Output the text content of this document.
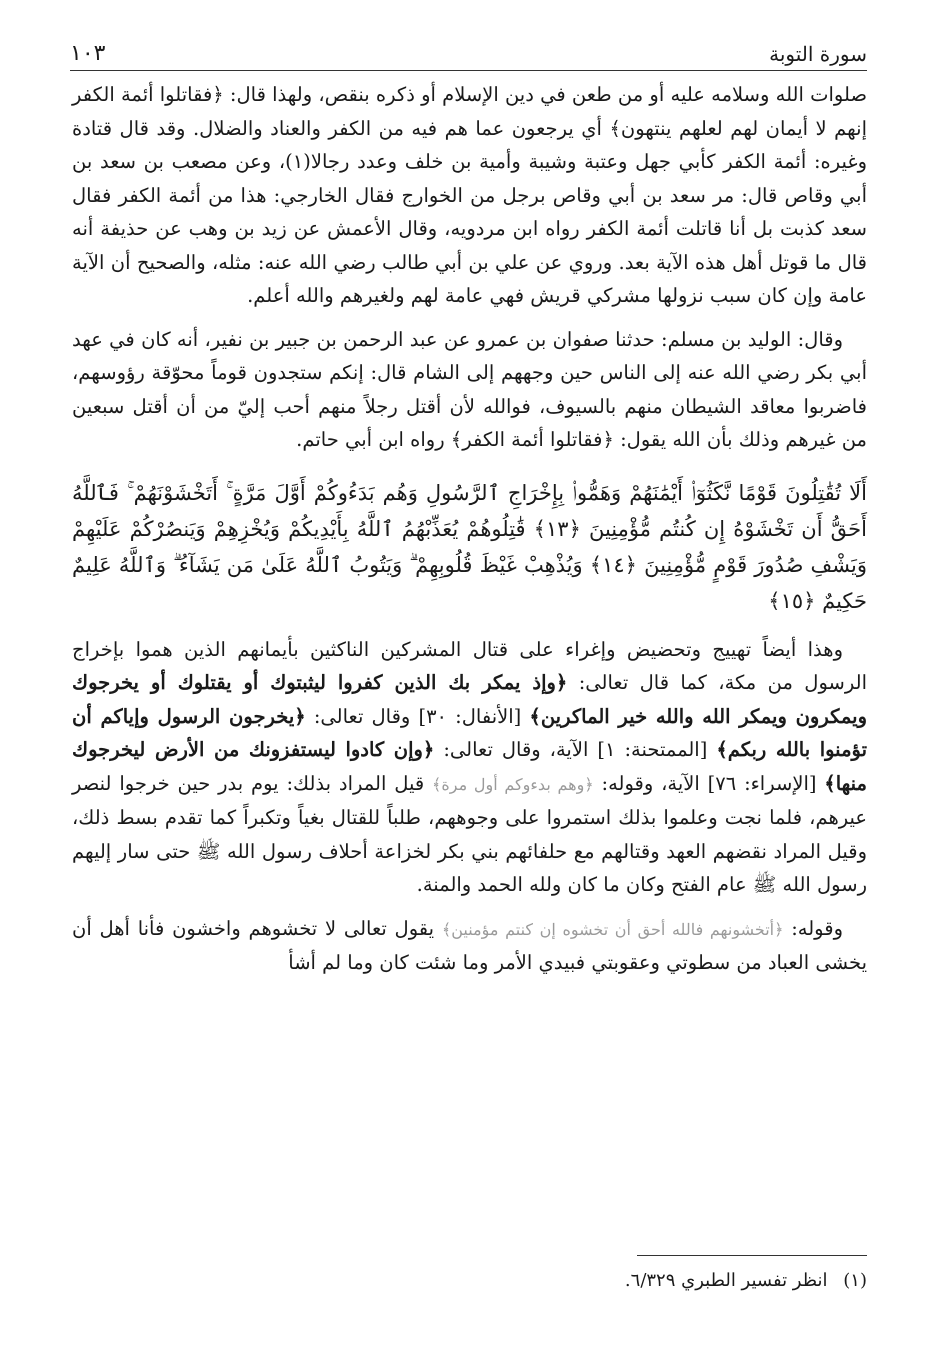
سورة التوبة
١٠٣

صلوات الله وسلامه عليه أو من طعن في دين الإسلام أو ذكره بنقص، ولهذا قال: ﴿فقاتلوا أئمة الكفر إنهم لا أيمان لهم لعلهم ينتهون﴾ أي يرجعون عما هم فيه من الكفر والعناد والضلال. وقد قال قتادة وغيره: أئمة الكفر كأبي جهل وعتبة وشيبة وأمية بن خلف وعدد رجالا(١)، وعن مصعب بن سعد بن أبي وقاص قال: مر سعد بن أبي وقاص برجل من الخوارج فقال الخارجي: هذا من أئمة الكفر فقال سعد كذبت بل أنا قاتلت أئمة الكفر رواه ابن مردويه، وقال الأعمش عن زيد بن وهب عن حذيفة أنه قال ما قوتل أهل هذه الآية بعد. وروي عن علي بن أبي طالب رضي الله عنه: مثله، والصحيح أن الآية عامة وإن كان سبب نزولها مشركي قريش فهي عامة لهم ولغيرهم والله أعلم.

وقال: الوليد بن مسلم: حدثنا صفوان بن عمرو عن عبد الرحمن بن جبير بن نفير، أنه كان في عهد أبي بكر رضي الله عنه إلى الناس حين وجههم إلى الشام قال: إنكم ستجدون قوماً محوّقة رؤوسهم، فاضربوا معاقد الشيطان منهم بالسيوف، فوالله لأن أقتل رجلاً منهم أحب إليّ من أن أقتل سبعين من غيرهم وذلك بأن الله يقول: ﴿فقاتلوا أئمة الكفر﴾ رواه ابن أبي حاتم.

أَلَا تُقَٰتِلُونَ قَوْمًا نَّكَثُوٓا۟ أَيْمَٰنَهُمْ وَهَمُّوا۟ بِإِخْرَاجِ ٱلرَّسُولِ وَهُم بَدَءُوكُمْ أَوَّلَ مَرَّةٍ ۚ أَتَخْشَوْنَهُمْ ۚ فَٱللَّهُ أَحَقُّ أَن تَخْشَوْهُ إِن كُنتُم مُّؤْمِنِينَ ﴿١٣﴾ قَٰتِلُوهُمْ يُعَذِّبْهُمُ ٱللَّهُ بِأَيْدِيكُمْ وَيُخْزِهِمْ وَيَنصُرْكُمْ عَلَيْهِمْ وَيَشْفِ صُدُورَ قَوْمٍ مُّؤْمِنِينَ ﴿١٤﴾ وَيُذْهِبْ غَيْظَ قُلُوبِهِمْ ۗ وَيَتُوبُ ٱللَّهُ عَلَىٰ مَن يَشَآءُ ۗ وَٱللَّهُ عَلِيمٌ حَكِيمٌ ﴿١٥﴾

وهذا أيضاً تهييج وتحضيض وإغراء على قتال المشركين الناكثين بأيمانهم الذين هموا بإخراج الرسول من مكة، كما قال تعالى: ﴿وإذ يمكر بك الذين كفروا ليثبتوك أو يقتلوك أو يخرجوك ويمكرون ويمكر الله والله خير الماكرين﴾ [الأنفال: ٣٠] وقال تعالى: ﴿يخرجون الرسول وإياكم أن تؤمنوا بالله ربكم﴾ [الممتحنة: ١] الآية، وقال تعالى: ﴿وإن كادوا ليستفزونك من الأرض ليخرجوك منها﴾ [الإسراء: ٧٦] الآية، وقوله: ﴿وهم بدءوكم أول مرة﴾ قيل المراد بذلك: يوم بدر حين خرجوا لنصر عيرهم، فلما نجت وعلموا بذلك استمروا على وجوههم، طلباً للقتال بغياً وتكبراً كما تقدم بسط ذلك، وقيل المراد نقضهم العهد وقتالهم مع حلفائهم بني بكر لخزاعة أحلاف رسول الله ﷺ حتى سار إليهم رسول الله ﷺ عام الفتح وكان ما كان ولله الحمد والمنة.

وقوله: ﴿أتخشونهم فالله أحق أن تخشوه إن كنتم مؤمنين﴾ يقول تعالى لا تخشوهم واخشون فأنا أهل أن يخشى العباد من سطوتي وعقوبتي فبيدي الأمر وما شئت كان وما لم أشأ

(١) انظر تفسير الطبري ٦/٣٢٩.
